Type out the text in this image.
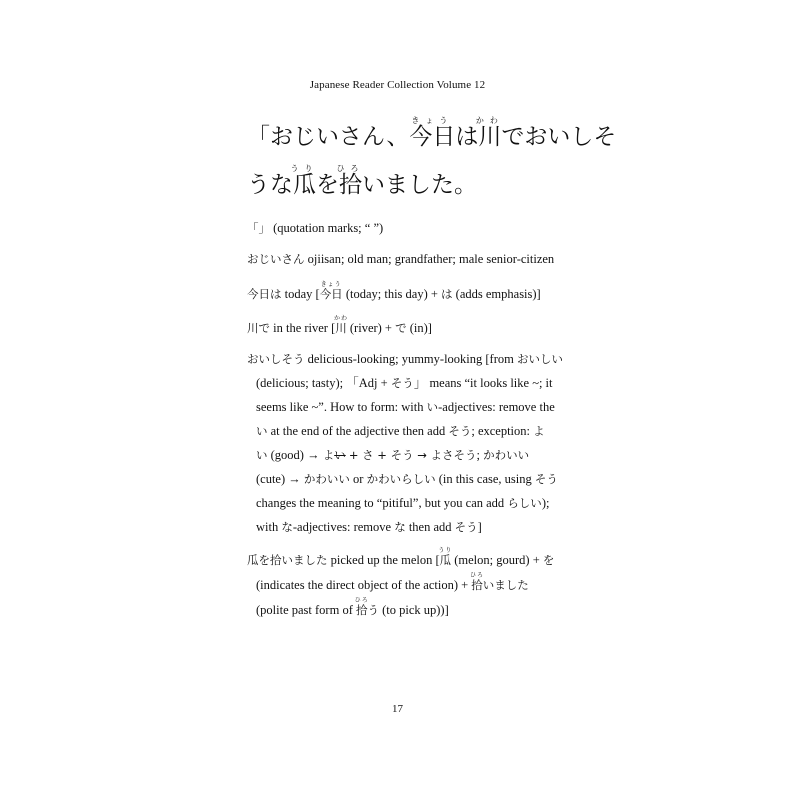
Japanese Reader Collection Volume 12
「おじいさん、今日きょうは川かわでおいしそ
うな瓜うりを拾ひろいました。
「」 (quotation marks; “ ”)
おじいさん ojiisan; old man; grandfather; male senior-citizen
今日は today [今日きょう (today; this day) + は (adds emphasis)]
川で in the river [川かわ (river) + で (in)]
おいしそう delicious-looking; yummy-looking [from おいしい
(delicious; tasty); 「Adj + そう」 means “it looks like ~; it
seems like ~”. How to form: with い-adjectives: remove the
い at the end of the adjective then add そう; exception: よ
い (good) → よい + さ + そう → よさそう; かわいい
(cute) → かわいい or かわいらしい (in this case, using そう
changes the meaning to “pitiful”, but you can add らしい);
with な-adjectives: remove な then add そう]
瓜を拾いました picked up the melon [瓜うり (melon; gourd) + を
(indicates the direct object of the action) + 拾ひろいました
(polite past form of 拾ひろう (to pick up))]
17
